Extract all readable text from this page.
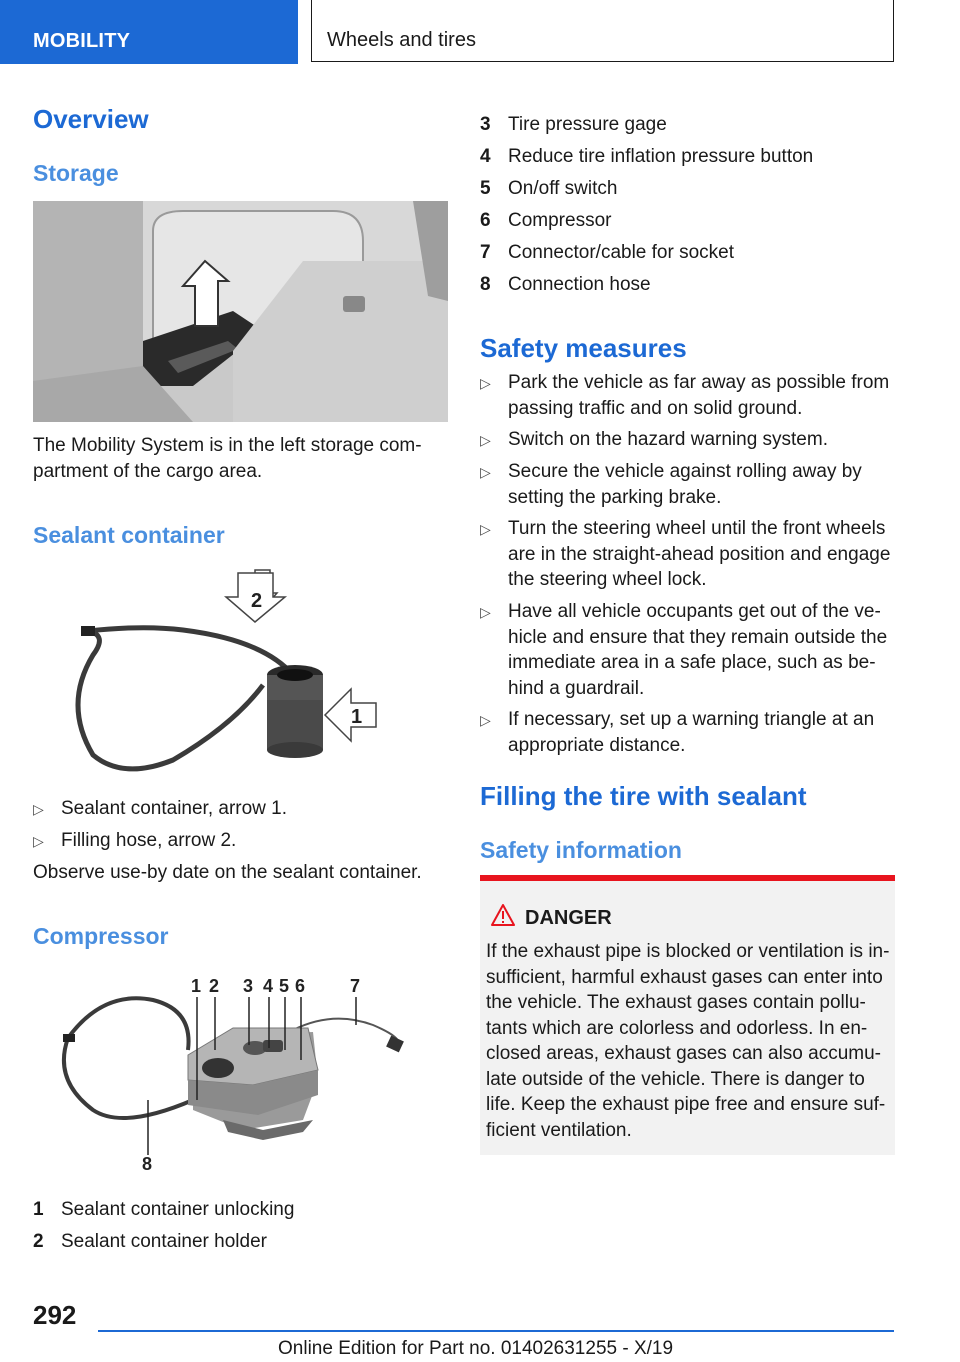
MOBILITY	Wheels and tires
Overview
Storage
The Mobility System is in the left storage com-
partment of the cargo area.
Sealant container
2
1
▷ Sealant container, arrow 1.
▷ Filling hose, arrow 2.
Observe use-by date on the sealant container.
Compressor
1 2 3 4 5 6 7
8
1 Sealant container unlocking
2 Sealant container holder
3 Tire pressure gage
4 Reduce tire inflation pressure button
5 On/off switch
6 Compressor
7 Connector/cable for socket
8 Connection hose
Safety measures
▷ Park the vehicle as far away as possible from
passing traffic and on solid ground.
▷ Switch on the hazard warning system.
▷ Secure the vehicle against rolling away by
setting the parking brake.
▷ Turn the steering wheel until the front wheels
are in the straight-ahead position and engage
the steering wheel lock.
▷ Have all vehicle occupants get out of the ve-
hicle and ensure that they remain outside the
immediate area in a safe place, such as be-
hind a guardrail.
▷ If necessary, set up a warning triangle at an
appropriate distance.
Filling the tire with sealant
Safety information
DANGER
If the exhaust pipe is blocked or ventilation is in-
sufficient, harmful exhaust gases can enter into
the vehicle. The exhaust gases contain pollu-
tants which are colorless and odorless. In en-
closed areas, exhaust gases can also accumu-
late outside of the vehicle. There is danger to
life. Keep the exhaust pipe free and ensure suf-
ficient ventilation.
292
Online Edition for Part no. 01402631255 - X/19
